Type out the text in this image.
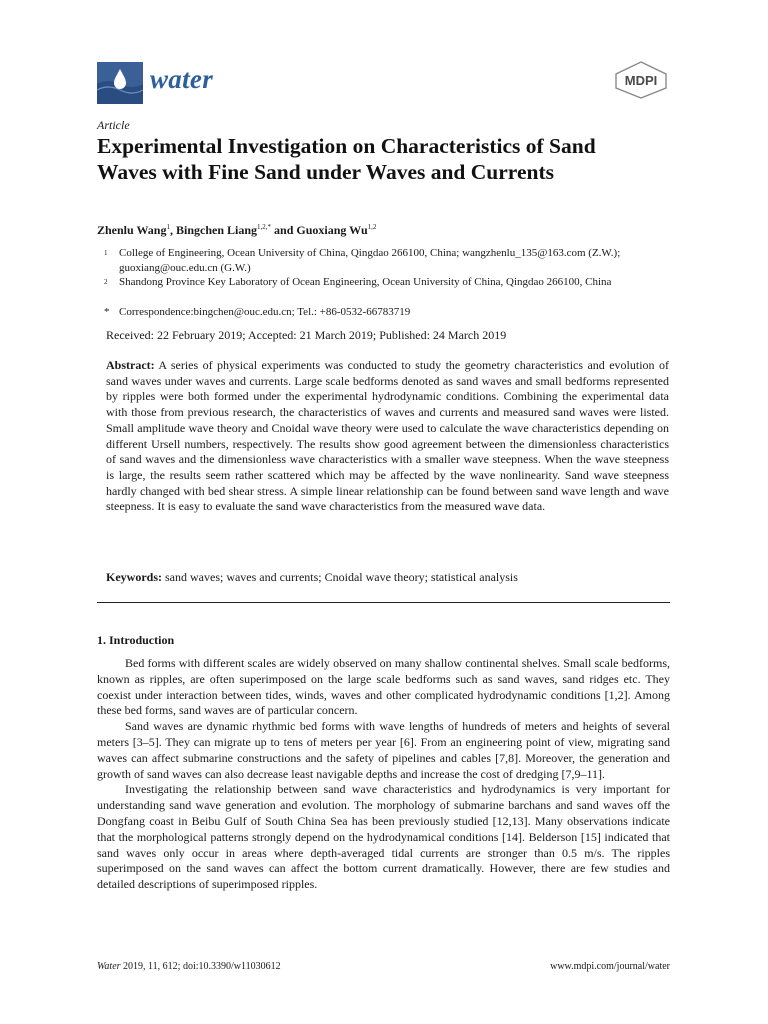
water	MDPI
Article
Experimental Investigation on Characteristics of Sand Waves with Fine Sand under Waves and Currents
Zhenlu Wang$^1$, Bingchen Liang$^{1,2,*}$ and Guoxiang Wu$^{1,2}$
1 College of Engineering, Ocean University of China, Qingdao 266100, China; wangzhenlu_135@163.com (Z.W.); guoxiang@ouc.edu.cn (G.W.)
2 Shandong Province Key Laboratory of Ocean Engineering, Ocean University of China, Qingdao 266100, China
* Correspondence:bingchen@ouc.edu.cn; Tel.: +86-0532-66783719
Received: 22 February 2019; Accepted: 21 March 2019; Published: 24 March 2019

Abstract: A series of physical experiments was conducted to study the geometry characteristics and evolution of sand waves under waves and currents. Large scale bedforms denoted as sand waves and small bedforms represented by ripples were both formed under the experimental hydrodynamic conditions. Combining the experimental data with those from previous research, the characteristics of waves and currents and measured sand waves were listed. Small amplitude wave theory and Cnoidal wave theory were used to calculate the wave characteristics depending on different Ursell numbers, respectively. The results show good agreement between the dimensionless characteristics of sand waves and the dimensionless wave characteristics with a smaller wave steepness. When the wave steepness is large, the results seem rather scattered which may be affected by the wave nonlinearity. Sand wave steepness hardly changed with bed shear stress. A simple linear relationship can be found between sand wave length and wave steepness. It is easy to evaluate the sand wave characteristics from the measured wave data.

Keywords: sand waves; waves and currents; Cnoidal wave theory; statistical analysis
1. Introduction

Bed forms with different scales are widely observed on many shallow continental shelves. Small scale bedforms, known as ripples, are often superimposed on the large scale bedforms such as sand waves, sand ridges etc. They coexist under interaction between tides, winds, waves and other complicated hydrodynamic conditions [1,2]. Among these bed forms, sand waves are of particular concern.

Sand waves are dynamic rhythmic bed forms with wave lengths of hundreds of meters and heights of several meters [3–5]. They can migrate up to tens of meters per year [6]. From an engineering point of view, migrating sand waves can affect submarine constructions and the safety of pipelines and cables [7,8]. Moreover, the generation and growth of sand waves can also decrease least navigable depths and increase the cost of dredging [7,9–11].

Investigating the relationship between sand wave characteristics and hydrodynamics is very important for understanding sand wave generation and evolution. The morphology of submarine barchans and sand waves off the Dongfang coast in Beibu Gulf of South China Sea has been previously studied [12,13]. Many observations indicate that the morphological patterns strongly depend on the hydrodynamical conditions [14]. Belderson [15] indicated that sand waves only occur in areas where depth-averaged tidal currents are stronger than 0.5 m/s. The ripples superimposed on the sand waves can affect the bottom current dramatically. However, there are few studies and detailed descriptions of superimposed ripples.

Water 2019, 11, 612; doi:10.3390/w11030612	www.mdpi.com/journal/water
